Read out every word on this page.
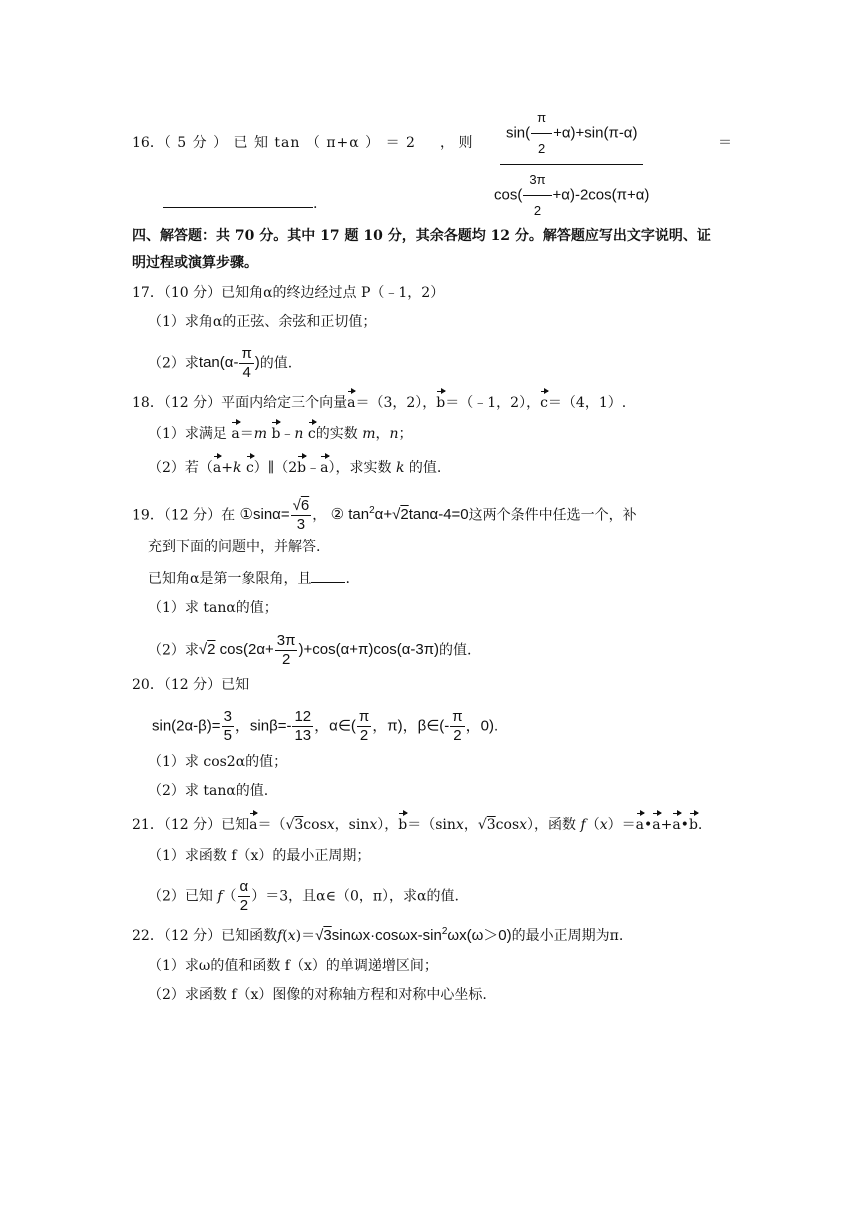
16．（ 5 分 ） 已 知 tan （ π+α ） ＝ 2 ， 则 $\frac{\sin( \frac{\pi}{2} +\alpha)+\sin(\pi-\alpha)}{\cos( \frac{3\pi}{2} +\alpha)-2\cos(\pi+\alpha)}$	＝
.
四、解答题：共 70 分。其中 17 题 10 分，其余各题均 12 分。解答题应写出文字说明、证
明过程或演算步骤。
17．（10 分）已知角α的终边经过点 P（﹣1，2）
（1）求角α的正弦、余弦和正切值；
（2）求$\tan(\alpha- \frac{\pi}{4}$ )的值.
18．（12 分）平面内给定三个向量a＝（3，2），b＝（﹣1，2），c＝（4，1）.
（1）求满足 a＝m b﹣n c的实数 m，n；
（2）若（a+k c）∥（2b﹣a），求实数 k 的值.
19．（12 分）在 ①sinα= $\frac{√6}{3}$ ， ② $\tan^2\alpha+√2\tan\alpha-4=0$这两个条件中任选一个，补
充到下面的问题中，并解答.
已知角α是第一象限角，且 .
（1）求 tanα的值；
（2）求√2 $\cos(2\alpha+ \frac{3\pi}{2} )+\cos(\alpha+\pi)\cos(\alpha-3\pi)$的值.
20．（12 分）已知
$\sin(2\alpha-\beta)= \frac{3}{5}$ ，$\sin\beta=- \frac{12}{13}$ ，α∈( $\frac{\pi}{2}$ ，π)，β∈(- $\frac{\pi}{2}$ ，0).
（1）求 cos2α的值；
（2）求 tanα的值.
21．（12 分）已知a＝（√3cosx，sinx），b＝（sinx，√3cosx），函数 f（x）＝a•a+a•b.
（1）求函数 f（x）的最小正周期；
（2）已知 $f( \frac{\alpha}{2} )=3$，且α∈（0，π），求α的值.
22．（12 分）已知函数$f(x)=√3\sin\omega x\cdot\cos\omega x-\sin^2\omega x(\omega>0)$的最小正周期为π.
（1）求ω的值和函数 f（x）的单调递增区间；
（2）求函数 f（x）图像的对称轴方程和对称中心坐标.
